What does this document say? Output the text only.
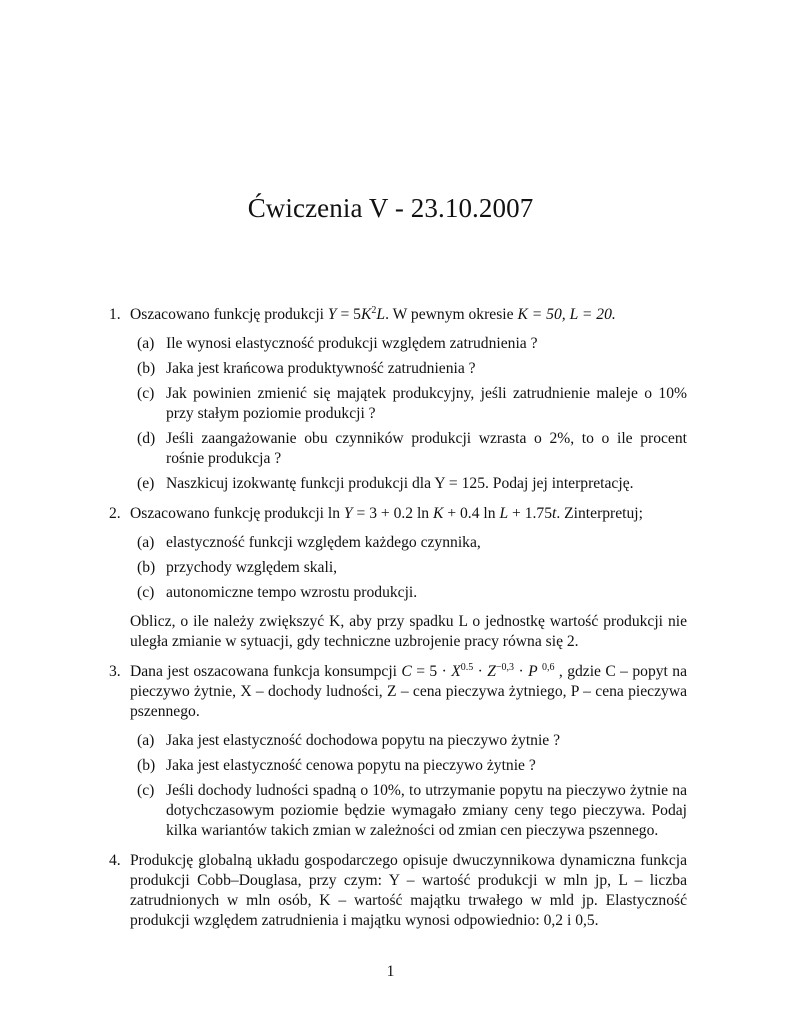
Ćwiczenia V - 23.10.2007
1. Oszacowano funkcję produkcji $Y = 5K^2L$. W pewnym okresie K = 50, L = 20.
(a) Ile wynosi elastyczność produkcji względem zatrudnienia ?
(b) Jaka jest krańcowa produktywność zatrudnienia ?
(c) Jak powinien zmienić się majątek produkcyjny, jeśli zatrudnienie maleje o 10% przy stałym poziomie produkcji ?
(d) Jeśli zaangażowanie obu czynników produkcji wzrasta o 2%, to o ile procent rośnie produkcja ?
(e) Naszkicuj izokwantę funkcji produkcji dla Y = 125. Podaj jej interpretację.
2. Oszacowano funkcję produkcji ln Y = 3 + 0.2 ln K + 0.4 ln L + 1.75t. Zinterpretuj;
(a) elastyczność funkcji względem każdego czynnika,
(b) przychody względem skali,
(c) autonomiczne tempo wzrostu produkcji.
Oblicz, o ile należy zwiększyć K, aby przy spadku L o jednostkę wartość produkcji nie uległa zmianie w sytuacji, gdy techniczne uzbrojenie pracy równa się 2.
3. Dana jest oszacowana funkcja konsumpcji $C = 5 \cdot X^{0.5} \cdot Z^{-0,3} \cdot P$ $^{0,6}$ , gdzie C – popyt na pieczywo żytnie, X – dochody ludności, Z – cena pieczywa żytniego, P – cena pieczywa pszennego.
(a) Jaka jest elastyczność dochodowa popytu na pieczywo żytnie ?
(b) Jaka jest elastyczność cenowa popytu na pieczywo żytnie ?
(c) Jeśli dochody ludności spadną o 10%, to utrzymanie popytu na pieczywo żytnie na dotychczasowym poziomie będzie wymagało zmiany ceny tego pieczywa. Podaj kilka wariantów takich zmian w zależności od zmian cen pieczywa pszennego.
4. Produkcję globalną układu gospodarczego opisuje dwuczynnikowa dynamiczna funkcja produkcji Cobb–Douglasa, przy czym: Y – wartość produkcji w mln jp, L – liczba zatrudnionych w mln osób, K – wartość majątku trwałego w mld jp. Elastyczność produkcji względem zatrudnienia i majątku wynosi odpowiednio: 0,2 i 0,5.
1
